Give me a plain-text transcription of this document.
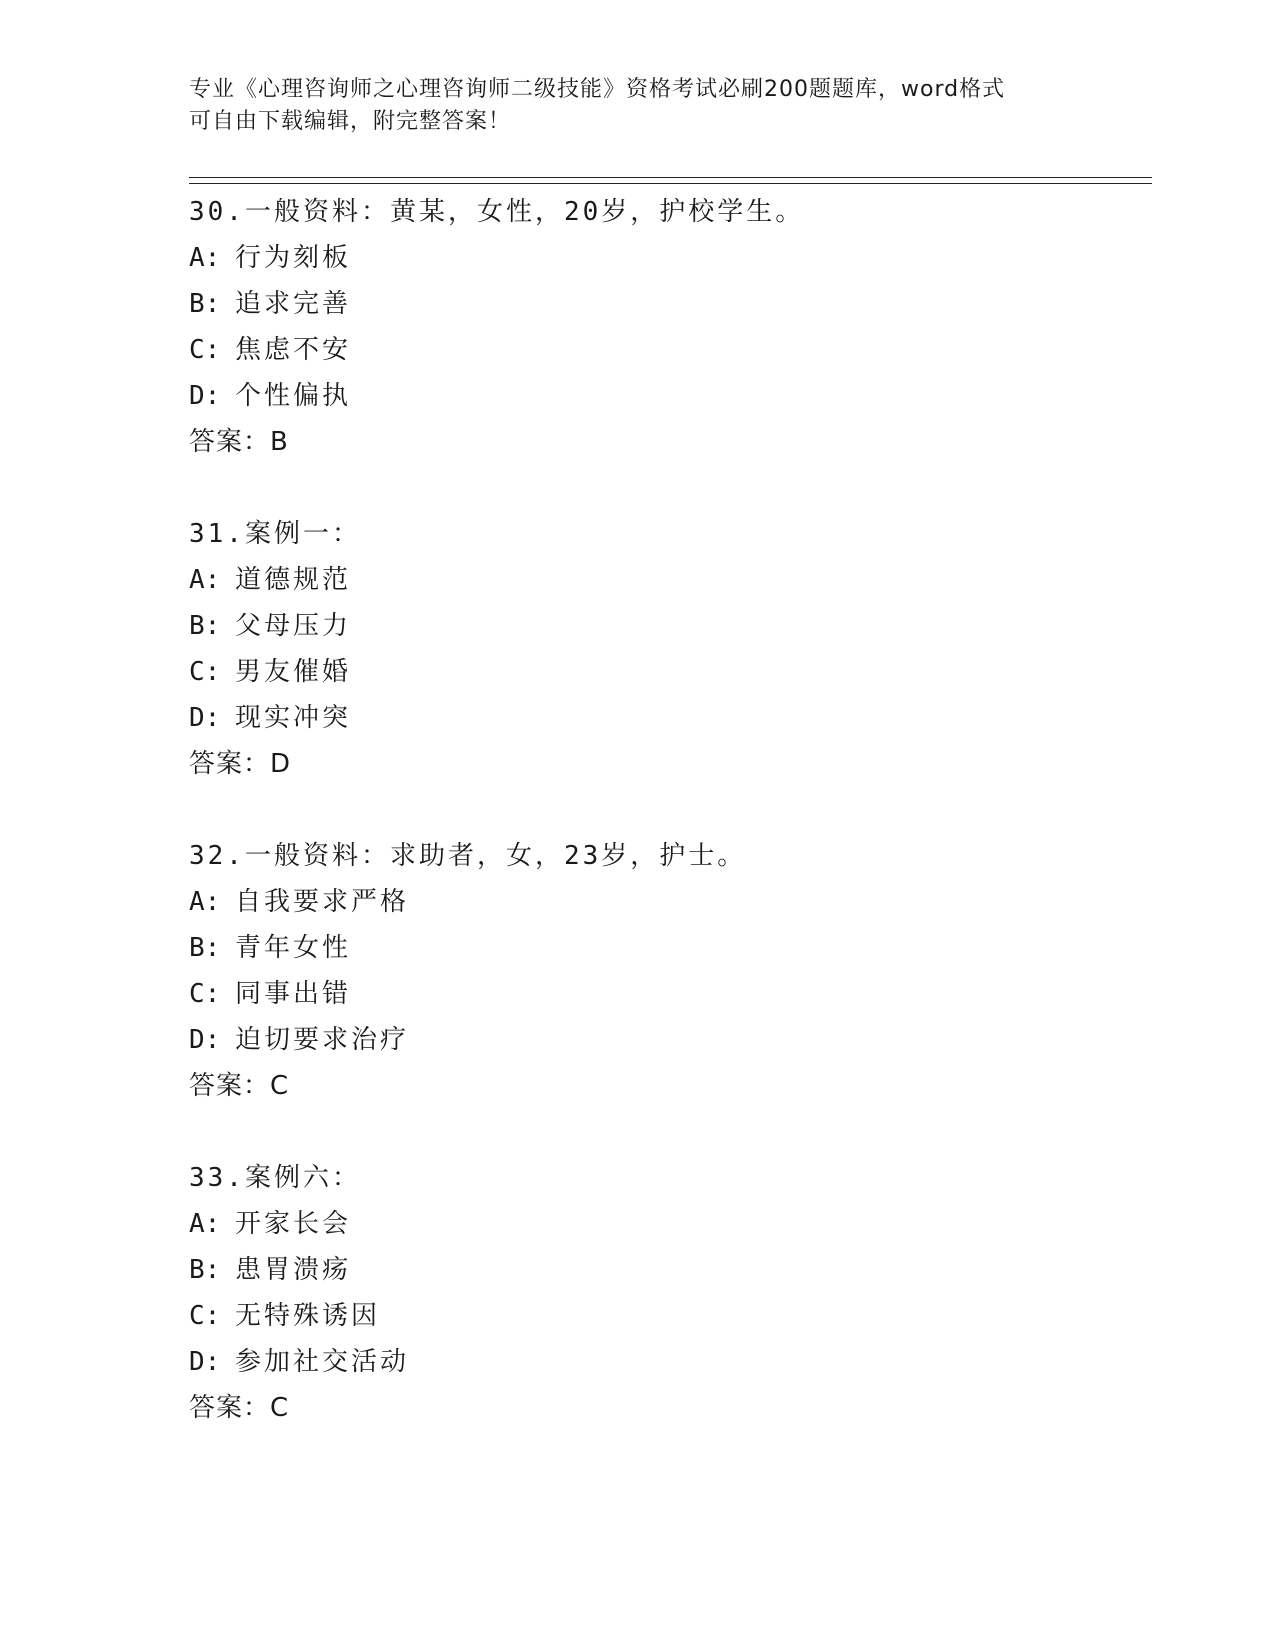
专业《心理咨询师之心理咨询师二级技能》资格考试必刷200题题库，word格式
可自由下载编辑，附完整答案！
30.一般资料：黄某，女性，20岁，护校学生。
A: 行为刻板
B: 追求完善
C: 焦虑不安
D: 个性偏执
答案：B
31.案例一：
A: 道德规范
B: 父母压力
C: 男友催婚
D: 现实冲突
答案：D
32.一般资料：求助者，女，23岁，护士。
A: 自我要求严格
B: 青年女性
C: 同事出错
D: 迫切要求治疗
答案：C
33.案例六：
A: 开家长会
B: 患胃溃疡
C: 无特殊诱因
D: 参加社交活动
答案：C
